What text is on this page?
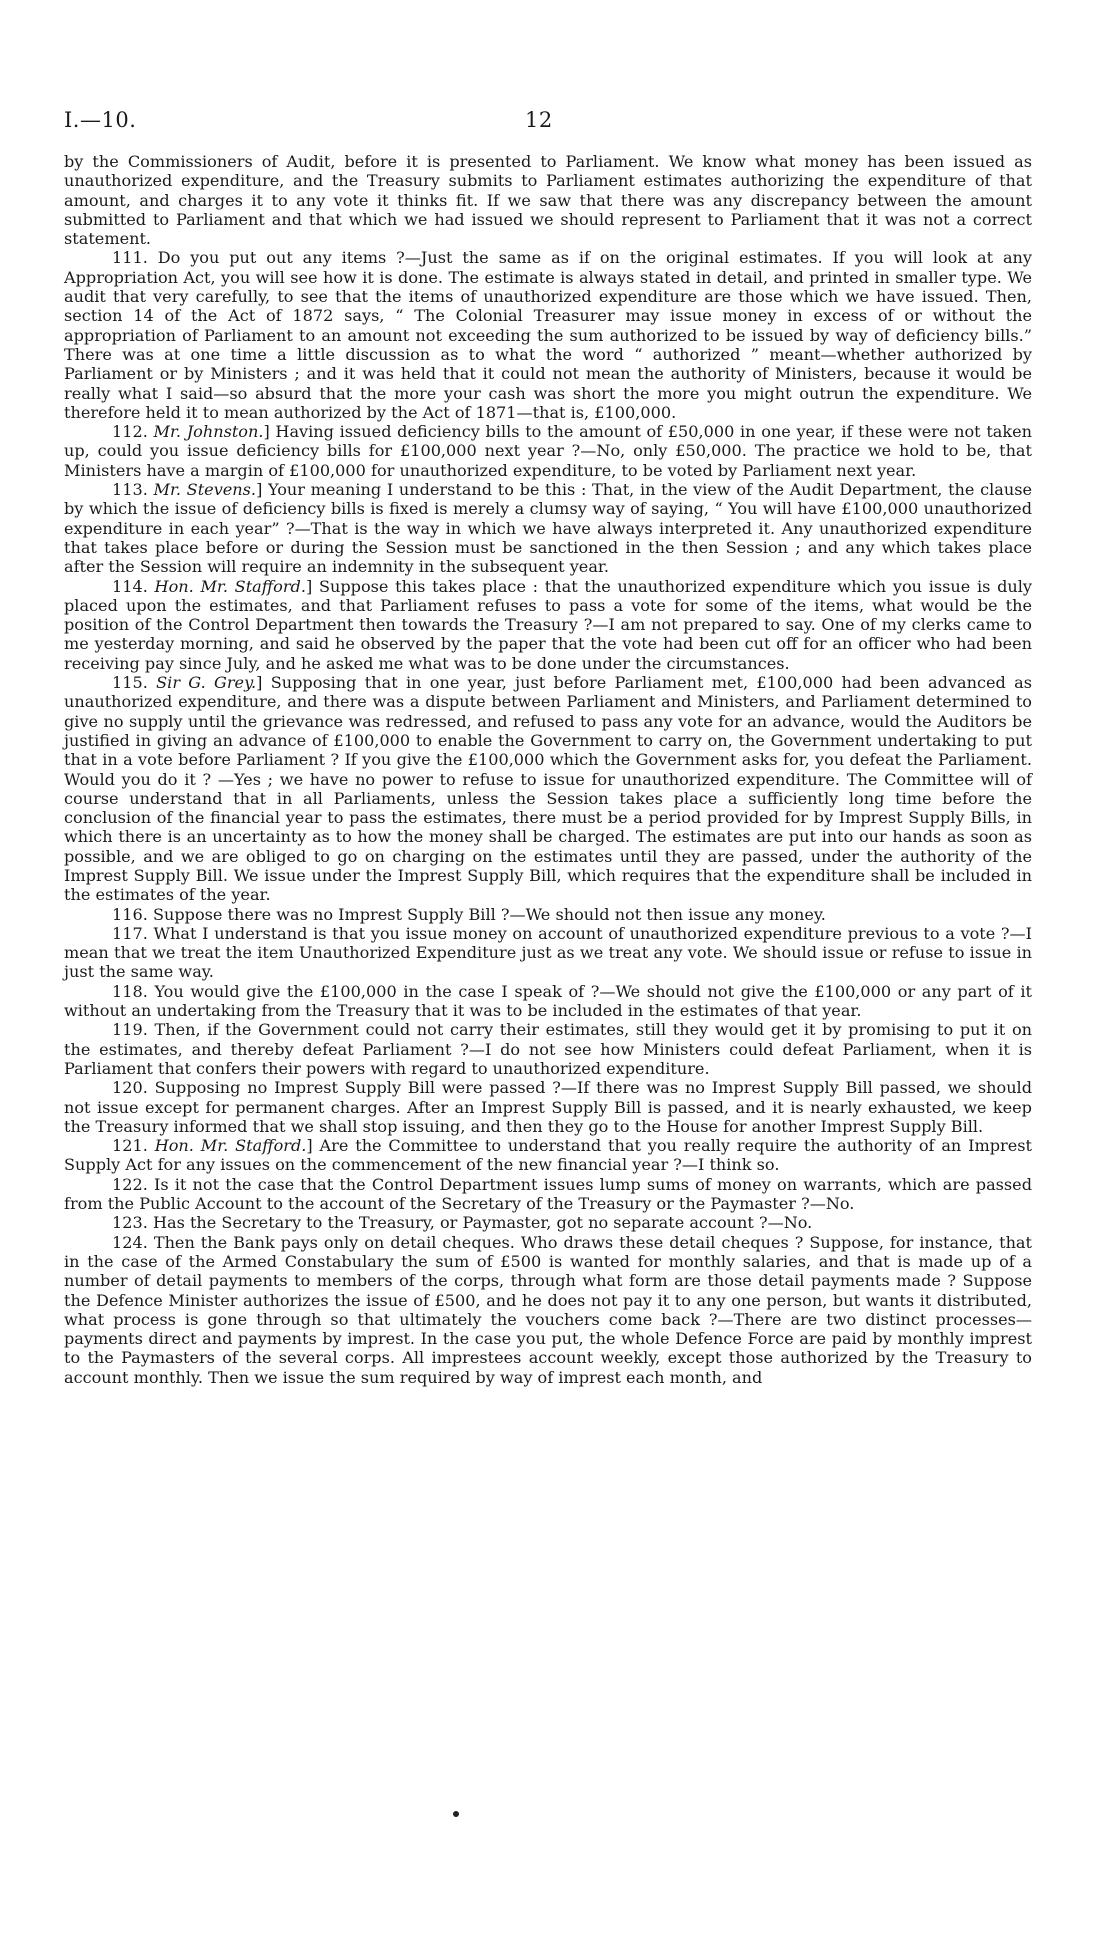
I.—10.	12

by the Commissioners of Audit, before it is presented to Parliament. We know what money has been issued as unauthorized expenditure, and the Treasury submits to Parliament estimates authorizing the expenditure of that amount, and charges it to any vote it thinks fit. If we saw that there was any discrepancy between the amount submitted to Parliament and that which we had issued we should represent to Parliament that it was not a correct statement.

111. Do you put out any items ?—Just the same as if on the original estimates. If you will look at any Appropriation Act, you will see how it is done. The estimate is always stated in detail, and printed in smaller type. We audit that very carefully, to see that the items of unauthorized expenditure are those which we have issued. Then, section 14 of the Act of 1872 says, “ The Colonial Treasurer may issue money in excess of or without the appropriation of Parliament to an amount not exceeding the sum authorized to be issued by way of deficiency bills.” There was at one time a little discussion as to what the word “ authorized ” meant—whether authorized by Parliament or by Ministers ; and it was held that it could not mean the authority of Ministers, because it would be really what I said—so absurd that the more your cash was short the more you might outrun the expenditure. We therefore held it to mean authorized by the Act of 1871—that is, £100,000.

112. Mr. Johnston.] Having issued deficiency bills to the amount of £50,000 in one year, if these were not taken up, could you issue deficiency bills for £100,000 next year ?—No, only £50,000. The practice we hold to be, that Ministers have a margin of £100,000 for unauthorized expenditure, to be voted by Parliament next year.

113. Mr. Stevens.] Your meaning I understand to be this : That, in the view of the Audit Department, the clause by which the issue of deficiency bills is fixed is merely a clumsy way of saying, “ You will have £100,000 unauthorized expenditure in each year” ?—That is the way in which we have always interpreted it. Any unauthorized expenditure that takes place before or during the Session must be sanctioned in the then Session ; and any which takes place after the Session will require an indemnity in the subsequent year.

114. Hon. Mr. Stafford.] Suppose this takes place : that the unauthorized expenditure which you issue is duly placed upon the estimates, and that Parliament refuses to pass a vote for some of the items, what would be the position of the Control Department then towards the Treasury ?—I am not prepared to say. One of my clerks came to me yesterday morning, and said he observed by the paper that the vote had been cut off for an officer who had been receiving pay since July, and he asked me what was to be done under the circumstances.

115. Sir G. Grey.] Supposing that in one year, just before Parliament met, £100,000 had been advanced as unauthorized expenditure, and there was a dispute between Parliament and Ministers, and Parliament determined to give no supply until the grievance was redressed, and refused to pass any vote for an advance, would the Auditors be justified in giving an advance of £100,000 to enable the Government to carry on, the Government undertaking to put that in a vote before Parliament ? If you give the £100,000 which the Government asks for, you defeat the Parliament. Would you do it ? —Yes ; we have no power to refuse to issue for unauthorized expenditure. The Committee will of course understand that in all Parliaments, unless the Session takes place a sufficiently long time before the conclusion of the financial year to pass the estimates, there must be a period provided for by Imprest Supply Bills, in which there is an uncertainty as to how the money shall be charged. The estimates are put into our hands as soon as possible, and we are obliged to go on charging on the estimates until they are passed, under the authority of the Imprest Supply Bill. We issue under the Imprest Supply Bill, which requires that the expenditure shall be included in the estimates of the year.

116. Suppose there was no Imprest Supply Bill ?—We should not then issue any money.

117. What I understand is that you issue money on account of unauthorized expenditure previous to a vote ?—I mean that we treat the item Unauthorized Expenditure just as we treat any vote. We should issue or refuse to issue in just the same way.

118. You would give the £100,000 in the case I speak of ?—We should not give the £100,000 or any part of it without an undertaking from the Treasury that it was to be included in the estimates of that year.

119. Then, if the Government could not carry their estimates, still they would get it by promising to put it on the estimates, and thereby defeat Parliament ?—I do not see how Ministers could defeat Parliament, when it is Parliament that confers their powers with regard to unauthorized expenditure.

120. Supposing no Imprest Supply Bill were passed ?—If there was no Imprest Supply Bill passed, we should not issue except for permanent charges. After an Imprest Supply Bill is passed, and it is nearly exhausted, we keep the Treasury informed that we shall stop issuing, and then they go to the House for another Imprest Supply Bill.

121. Hon. Mr. Stafford.] Are the Committee to understand that you really require the authority of an Imprest Supply Act for any issues on the commencement of the new financial year ?—I think so.

122. Is it not the case that the Control Department issues lump sums of money on warrants, which are passed from the Public Account to the account of the Secretary of the Treasury or the Paymaster ?—No.

123. Has the Secretary to the Treasury, or Paymaster, got no separate account ?—No.

124. Then the Bank pays only on detail cheques. Who draws these detail cheques ? Suppose, for instance, that in the case of the Armed Constabulary the sum of £500 is wanted for monthly salaries, and that is made up of a number of detail payments to members of the corps, through what form are those detail payments made ? Suppose the Defence Minister authorizes the issue of £500, and he does not pay it to any one person, but wants it distributed, what process is gone through so that ultimately the vouchers come back ?—There are two distinct processes—payments direct and payments by imprest. In the case you put, the whole Defence Force are paid by monthly imprest to the Paymasters of the several corps. All imprestees account weekly, except those authorized by the Treasury to account monthly. Then we issue the sum required by way of imprest each month, and
